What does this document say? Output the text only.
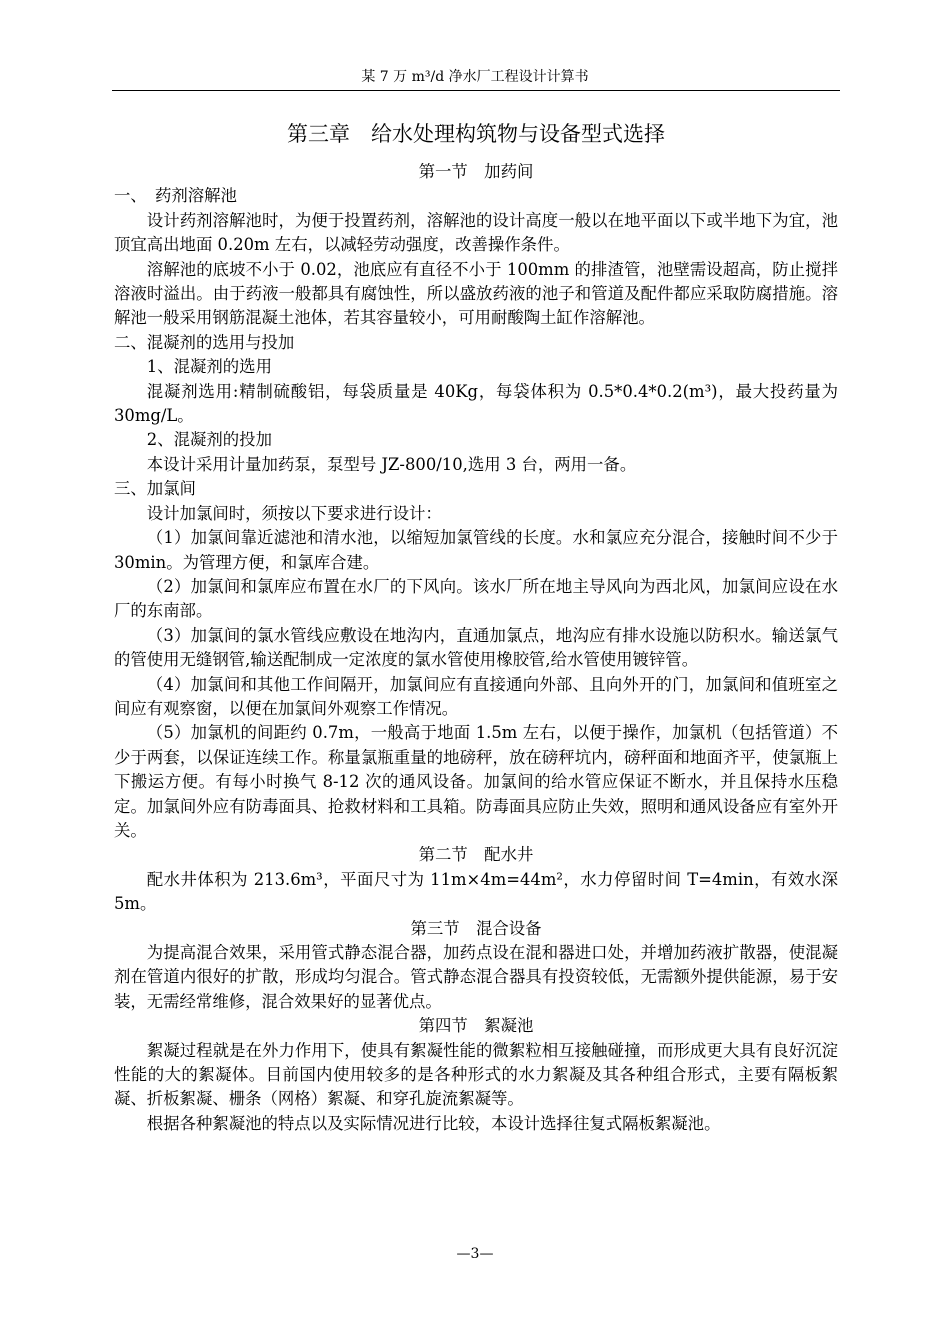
某 7 万 m³/d 净水厂工程设计计算书
第三章　给水处理构筑物与设备型式选择

第一节　加药间

一、　药剂溶解池

设计药剂溶解池时，为便于投置药剂，溶解池的设计高度一般以在地平面以下或半地下为宜，池顶宜高出地面 0.20m 左右，以减轻劳动强度，改善操作条件。

溶解池的底坡不小于 0.02，池底应有直径不小于 100mm 的排渣管，池壁需设超高，防止搅拌溶液时溢出。由于药液一般都具有腐蚀性，所以盛放药液的池子和管道及配件都应采取防腐措施。溶解池一般采用钢筋混凝土池体，若其容量较小，可用耐酸陶土缸作溶解池。

二、混凝剂的选用与投加

1、混凝剂的选用

混凝剂选用:精制硫酸铝，每袋质量是 40Kg，每袋体积为 0.5*0.4*0.2(m³)，最大投药量为 30mg/L。

2、混凝剂的投加

本设计采用计量加药泵，泵型号 JZ-800/10,选用 3 台，两用一备。

三、加氯间

设计加氯间时，须按以下要求进行设计：

（1）加氯间靠近滤池和清水池，以缩短加氯管线的长度。水和氯应充分混合，接触时间不少于 30min。为管理方便，和氯库合建。

（2）加氯间和氯库应布置在水厂的下风向。该水厂所在地主导风向为西北风，加氯间应设在水厂的东南部。

（3）加氯间的氯水管线应敷设在地沟内，直通加氯点，地沟应有排水设施以防积水。输送氯气的管使用无缝钢管,输送配制成一定浓度的氯水管使用橡胶管,给水管使用镀锌管。

（4）加氯间和其他工作间隔开，加氯间应有直接通向外部、且向外开的门，加氯间和值班室之间应有观察窗，以便在加氯间外观察工作情况。

（5）加氯机的间距约 0.7m，一般高于地面 1.5m 左右，以便于操作，加氯机（包括管道）不少于两套，以保证连续工作。称量氯瓶重量的地磅秤，放在磅秤坑内，磅秤面和地面齐平，使氯瓶上下搬运方便。有每小时换气 8-12 次的通风设备。加氯间的给水管应保证不断水，并且保持水压稳定。加氯间外应有防毒面具、抢救材料和工具箱。防毒面具应防止失效，照明和通风设备应有室外开关。

第二节　配水井

配水井体积为 213.6m³，平面尺寸为 11m×4m=44m²，水力停留时间 T=4min，有效水深 5m。

第三节　混合设备

为提高混合效果，采用管式静态混合器，加药点设在混和器进口处，并增加药液扩散器，使混凝剂在管道内很好的扩散，形成均匀混合。管式静态混合器具有投资较低，无需额外提供能源，易于安装，无需经常维修，混合效果好的显著优点。

第四节　絮凝池

絮凝过程就是在外力作用下，使具有絮凝性能的微絮粒相互接触碰撞，而形成更大具有良好沉淀性能的大的絮凝体。目前国内使用较多的是各种形式的水力絮凝及其各种组合形式，主要有隔板絮凝、折板絮凝、栅条（网格）絮凝、和穿孔旋流絮凝等。

根据各种絮凝池的特点以及实际情况进行比较，本设计选择往复式隔板絮凝池。

—3—
